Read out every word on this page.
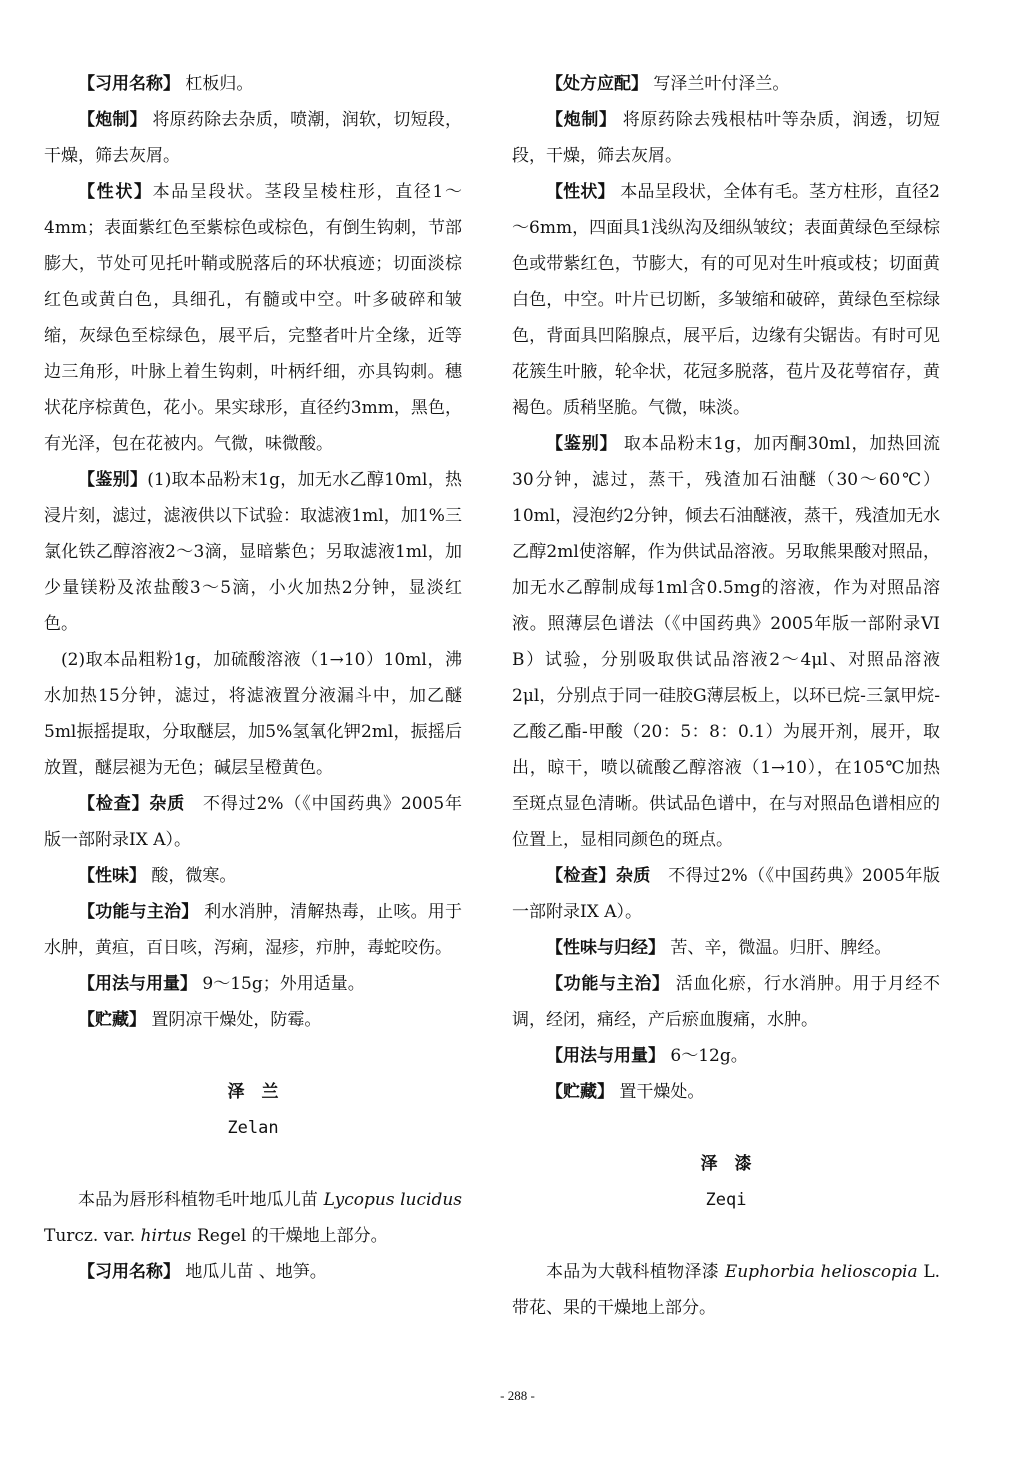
【习用名称】 杠板归。

【炮制】 将原药除去杂质，喷潮，润软，切短段，干燥，筛去灰屑。

【性状】本品呈段状。茎段呈棱柱形，直径1～4mm；表面紫红色至紫棕色或棕色，有倒生钩刺，节部膨大，节处可见托叶鞘或脱落后的环状痕迹；切面淡棕红色或黄白色，具细孔，有髓或中空。叶多破碎和皱缩，灰绿色至棕绿色，展平后，完整者叶片全缘，近等边三角形，叶脉上着生钩刺，叶柄纤细，亦具钩刺。穗状花序棕黄色，花小。果实球形，直径约3mm，黑色，有光泽，包在花被内。气微，味微酸。

【鉴别】(1)取本品粉末1g，加无水乙醇10ml，热浸片刻，滤过，滤液供以下试验：取滤液1ml，加1%三氯化铁乙醇溶液2～3滴，显暗紫色；另取滤液1ml，加少量镁粉及浓盐酸3～5滴，小火加热2分钟，显淡红色。

(2)取本品粗粉1g，加硫酸溶液（1→10）10ml，沸水加热15分钟，滤过，将滤液置分液漏斗中，加乙醚5ml振摇提取，分取醚层，加5%氢氧化钾2ml，振摇后放置，醚层褪为无色；碱层呈橙黄色。

【检查】杂质　 不得过2%（《中国药典》2005年版一部附录IX A）。

【性味】 酸，微寒。

【功能与主治】 利水消肿，清解热毒，止咳。用于水肿，黄疸，百日咳，泻痢，湿疹，疖肿，毒蛇咬伤。

【用法与用量】 9～15g；外用适量。

【贮藏】 置阴凉干燥处，防霉。

泽　兰

Zelan

本品为唇形科植物毛叶地瓜儿苗 Lycopus lucidus Turcz. var. hirtus Regel 的干燥地上部分。

【习用名称】 地瓜儿苗 、地笋。

【处方应配】 写泽兰叶付泽兰。

【炮制】 将原药除去残根枯叶等杂质，润透，切短段，干燥，筛去灰屑。

【性状】 本品呈段状，全体有毛。茎方柱形，直径2～6mm，四面具1浅纵沟及细纵皱纹；表面黄绿色至绿棕色或带紫红色，节膨大，有的可见对生叶痕或枝；切面黄白色，中空。叶片已切断，多皱缩和破碎，黄绿色至棕绿色，背面具凹陷腺点，展平后，边缘有尖锯齿。有时可见花簇生叶腋，轮伞状，花冠多脱落，苞片及花萼宿存，黄褐色。质稍坚脆。气微，味淡。

【鉴别】 取本品粉末1g，加丙酮30ml，加热回流30分钟，滤过，蒸干，残渣加石油醚（30～60℃）10ml，浸泡约2分钟，倾去石油醚液，蒸干，残渣加无水乙醇2ml使溶解，作为供试品溶液。另取熊果酸对照品，加无水乙醇制成每1ml含0.5mg的溶液，作为对照品溶液。照薄层色谱法（《中国药典》2005年版一部附录VI B）试验，分别吸取供试品溶液2～4μl、对照品溶液2μl，分别点于同一硅胶G薄层板上，以环已烷-三氯甲烷-乙酸乙酯-甲酸（20：5：8：0.1）为展开剂，展开，取出，晾干，喷以硫酸乙醇溶液（1→10），在105℃加热至斑点显色清晰。供试品色谱中，在与对照品色谱相应的位置上，显相同颜色的斑点。

【检查】杂质　 不得过2%（《中国药典》2005年版一部附录IX A）。

【性味与归经】 苦、辛，微温。归肝、脾经。

【功能与主治】 活血化瘀，行水消肿。用于月经不调，经闭，痛经，产后瘀血腹痛，水肿。

【用法与用量】 6～12g。

【贮藏】 置干燥处。

泽　漆

Zeqi

本品为大戟科植物泽漆 Euphorbia helioscopia L.带花、果的干燥地上部分。

- 288 -
